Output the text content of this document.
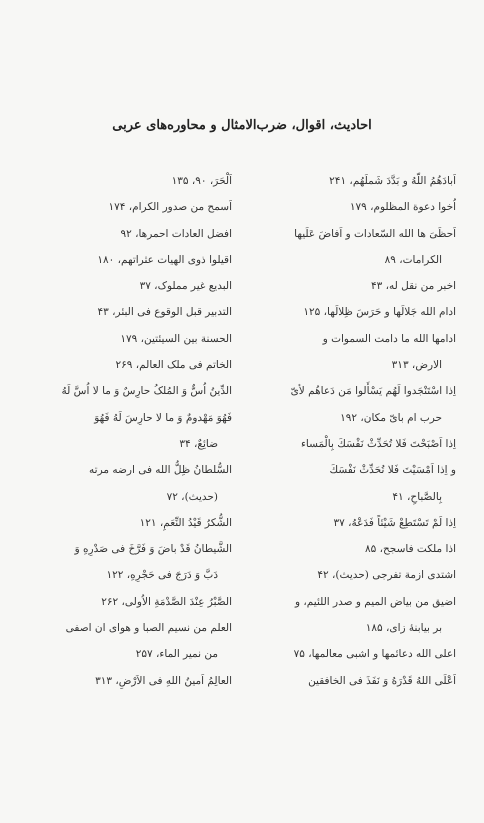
احادیث، اقوال، ضرب‌الامثال و محاوره‌های عربی
اَبادَهُمُ اللّهُ و بَدَّدَ شَملَهُم، ۲۴۱
اُخوا دعوة المظلوم، ۱۷۹
اَحظَیَ ها الله السّعادات و اَفاضَ عَلَیها
الکرامات، ۸۹
اخبر من نقل له، ۴۳
ادام الله جَلالَها و حَرَسَ ظِلالَها، ۱۲۵
ادامها الله ما دامت السموات و
الارض، ۳۱۳
اِذا اسْتَنْجَدوا لَهُم یَسْأَلوا مَن دَعاهُم لأیّ
حرب ام بایّ مکان، ۱۹۲
اِذا اَصْبَحْتَ فَلا تُحَدِّثْ نَفْسَكَ بِالْمَساء
و اِذا اَمْسَیْتَ فَلا تُحَدِّثْ نَفْسَكَ
بِالصَّباحِ، ۴۱
اِذا لَمْ تَسْتَطِعْ شَیْئاً فَدَعْهُ، ۳۷
اذا ملکت فاسجح، ۸۵
اشتدی ازمة تفرجی (حدیث)، ۴۲
اضیق من بیاض المیم و صدر اللئیم، و
بر بیابنهٔ زاى، ۱۸۵
اعلی الله دعائمها و اشبی معالمها، ۷۵
اَعْلَى اللهُ قَدْرَهُ وَ نَفَذَ فی الخافقین
اَلْحَرَ، ۹۰، ۱۳۵
اَسمح من صدور الکرام، ۱۷۴
افضل العادات احمرها، ۹۲
اقیلوا ذوی الهیات عثراتهم، ۱۸۰
البدیع غیر مملوک، ۳۷
التدبیر قبل الوقوع فی البئر، ۴۳
الحسنة بین السیئتین، ۱۷۹
الخاتم فی ملک العالم، ۲۶۹
الدِّینُ اُسٌّ وَ المُلکُ حارِسٌ وَ ما لا اُسَّ لَهُ
فَهُوَ مَهْدومٌ وَ ما لا حارِسَ لَهُ فَهُوَ
ضائِعٌ، ۳۴
السُّلطانُ ظِلُّ الله فی ارضه مرته
(حدیث)، ۷۲
الشُّکرُ قَیْدُ النِّعَمِ، ۱۲۱
الشَّیطانُ قَدْ باضَ وَ فَرَّخَ فی صَدْرِهِ وَ
دَبَّ وَ دَرَجَ فی حَجْرِهِ، ۱۲۲
الصَّبْرُ عِنْدَ الصَّدْمَةِ الاُولی، ۲۶۲
العلم من نسیم الصبا و هواى ان اصفى
من نمیر الماء، ۲۵۷
العالِمُ اَمینُ اللهِ فی الاَرْضِ، ۳۱۳
